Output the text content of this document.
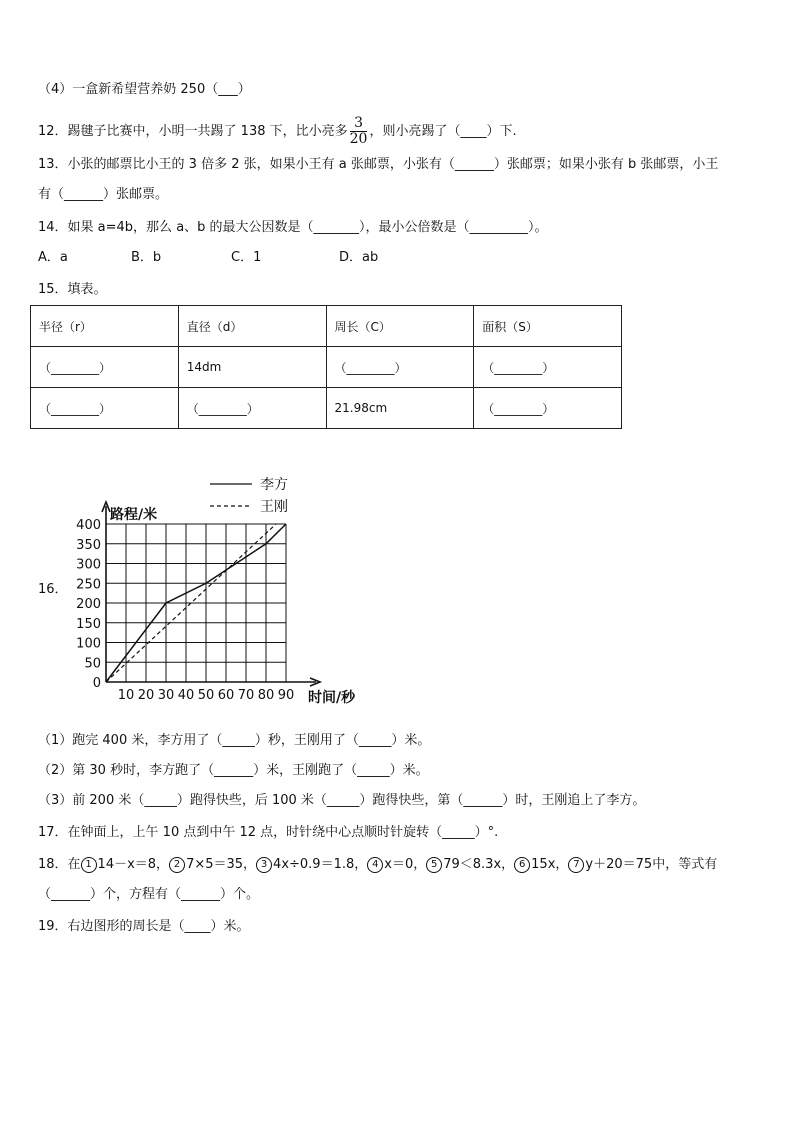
（4）一盒新希望营养奶 250（___）
12．踢毽子比赛中，小明一共踢了 138 下，比小亮多 $\frac{3}{20}$ ，则小亮踢了（____）下.
13．小张的邮票比小王的 3 倍多 2 张，如果小王有 a 张邮票，小张有（______）张邮票；如果小张有 b 张邮票，小王
有（______）张邮票。
14．如果 a=4b，那么 a、b 的最大公因数是（_______），最小公倍数是（_________）。
A．a	B．b	C．1	D．ab
15．填表。
半径（r）	直径（d）	周长（C）	面积（S）
（________）	14dm	（________）	（________）
（________）	（________）	21.98cm	（________）
16．
路程/米
时间/秒
0
50
100
150
200
250
300
350
400
10 20 30 40 50 60 70 80 90
李方
王刚
（1）跑完 400 米，李方用了（_____）秒，王刚用了（_____）米。
（2）第 30 秒时，李方跑了（______）米，王刚跑了（_____）米。
（3）前 200 米（_____）跑得快些，后 100 米（_____）跑得快些，第（______）时，王刚追上了李方。
17．在钟面上，上午 10 点到中午 12 点，时针绕中心点顺时针旋转（_____）°.
18．在 1 14－x＝8， 2 7×5＝35， 3 4x÷0.9＝1.8， 4 x＝0， 5 79＜8.3x， 6 15x， 7 y＋20＝75中，等式有
（______）个，方程有（______）个。
19．右边图形的周长是（____）米。
